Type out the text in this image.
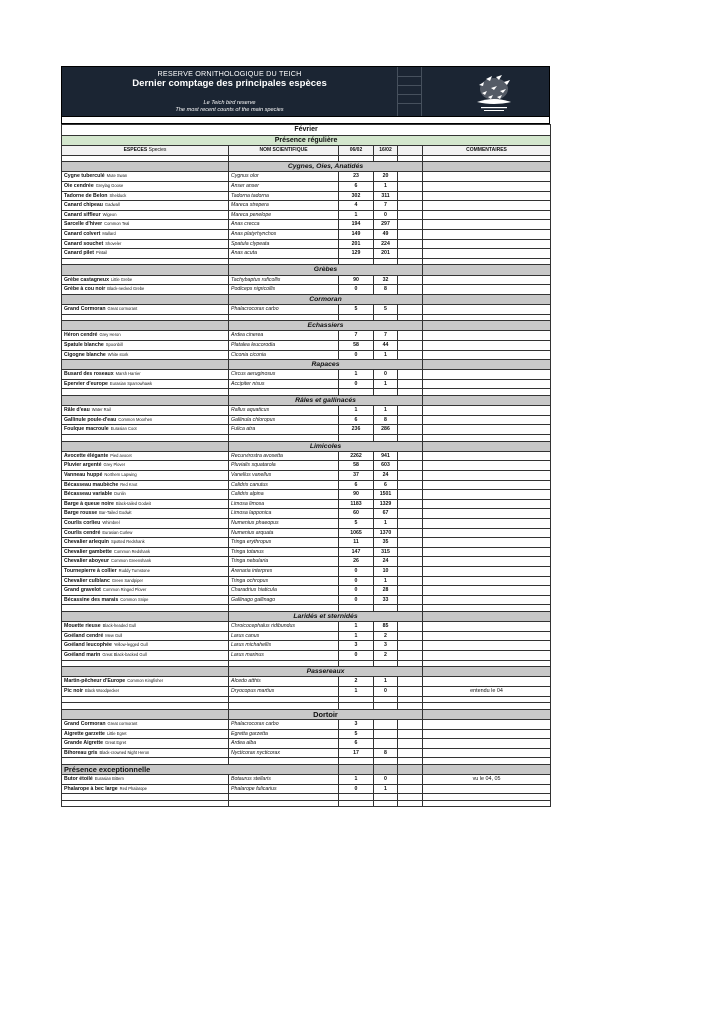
RESERVE ORNITHOLOGIQUE DU TEICH
Dernier comptage des principales espèces
Le Teich bird reserve
The most recent counts of the main species
Février					
Présence régulière					
ESPECES Species	NOM SCIENTIFIQUE	06/02	16/02		COMMENTAIRES

	Cygnes, Oies, Anatidés				
Cygne tuberculé Mute Swan	Cygnus olor	23	20		
Oie cendrée Greylag Goose	Anser anser	6	1		
Tadorne de Belon Shelduck	Tadorna tadorna	302	311		
Canard chipeau Gadwall	Mareca strepera	4	7		
Canard siffleur Wigeon	Mareca penelope	1	0		
Sarcelle d'hiver Common Teal	Anas crecca	194	297		
Canard colvert Mallard	Anas platyrhynchos	149	49		
Canard souchet Shoveler	Spatula clypeata	201	224		
Canard pilet Pintail	Anas acuta	129	201		

	Grèbes				
Grèbe castagneux Little Grebe	Tachybaptus ruficollis	90	32		
Grèbe à cou noir Black-necked Grebe	Podiceps nigricollis	0	8		
	Cormoran				
Grand Cormoran Great cormorant	Phalacrocorax carbo	5	5		

	Echassiers				
Héron cendré Grey Heron	Ardea cinerea	7	7		
Spatule blanche Spoonbill	Platalea leucorodia	58	44		
Cigogne blanche White stork	Ciconia ciconia	0	1		
	Rapaces				
Busard des roseaux Marsh Harrier	Circus aeruginosus	1	0		
Epervier d'europe Eurasian Sparrowhawk	Accipiter nisus	0	1		

	Râles et gallinacés				
Râle d'eau Water Rail	Rallus aquaticus	1	1		
Gallinule poule-d'eau Common Moorhen	Gallinula chloropus	6	8		
Foulque macroule Eurasian Coot	Fulica atra	236	286		

	Limicoles				
Avocette élégante Pied avocet	Recurvirostra avosetta	2262	941		
Pluvier argenté Grey Plover	Pluvialis squatarola	58	603		
Vanneau huppé Northern Lapwing	Vanellus vanellus	37	24		
Bécasseau maubèche Red Knot	Calidris canutus	6	6		
Bécasseau variable Dunlin	Calidris alpina	90	1501		
Barge à queue noire Black-tailed Godwit	Limosa limosa	1183	1329		
Barge rousse Bar-Tailed Godwit	Limosa lapponica	60	67		
Courlis corlieu Whimbrel	Numenius phaeopus	5	1		
Courlis cendré Eurasian Curlew	Numenius arquata	1065	1370		
Chevalier arlequin Spotted Redshank	Tringa erythropus	11	35		
Chevalier gambette Common Redshank	Tringa totanus	147	315		
Chevalier aboyeur Common Greenshank	Tringa nebularia	26	24		
Tournepierre à collier Ruddy Turnstone	Arenaria interpres	0	10		
Chevalier culblanc Green Sandpiper	Tringa ochropus	0	1		
Grand gravelot Common Ringed Plover	Charadrius hiaticula	0	28		
Bécassine des marais Common Snipe	Gallinago gallinago	0	33		

	Laridés et sternidés				
Mouette rieuse Black-headed Gull	Chroicocephalus ridibundus	1	85		
Goéland cendré Mew Gull	Larus canus	1	2		
Goéland leucophée Yellow-legged Gull	Larus michahellis	3	3		
Goéland marin Great Black-backed Gull	Larus marinus	0	2		

	Passereaux				
Martin-pêcheur d'Europe Common Kingfisher	Alcedo atthis	2	1		
Pic noir Black Woodpecker	Dryocopus martius	1	0		entendu le 04

	Dortoir				
Grand Cormoran Great cormorant	Phalacrocorax carbo	3			
Aigrette garzette Little Egret	Egretta garzetta	5			
Grande Aigrette Great Egret	Ardea alba	6			
Bihoreau gris Black-crowned Night Heron	Nycticorax nycticorax	17	8		

Présence exceptionnelle					
Butor étoilé Eurasian Bittern	Botaurus stellaris	1	0		vu le 04, 05
Phalarope à bec large Red Phalarope	Phalarope fulicarius	0	1		
